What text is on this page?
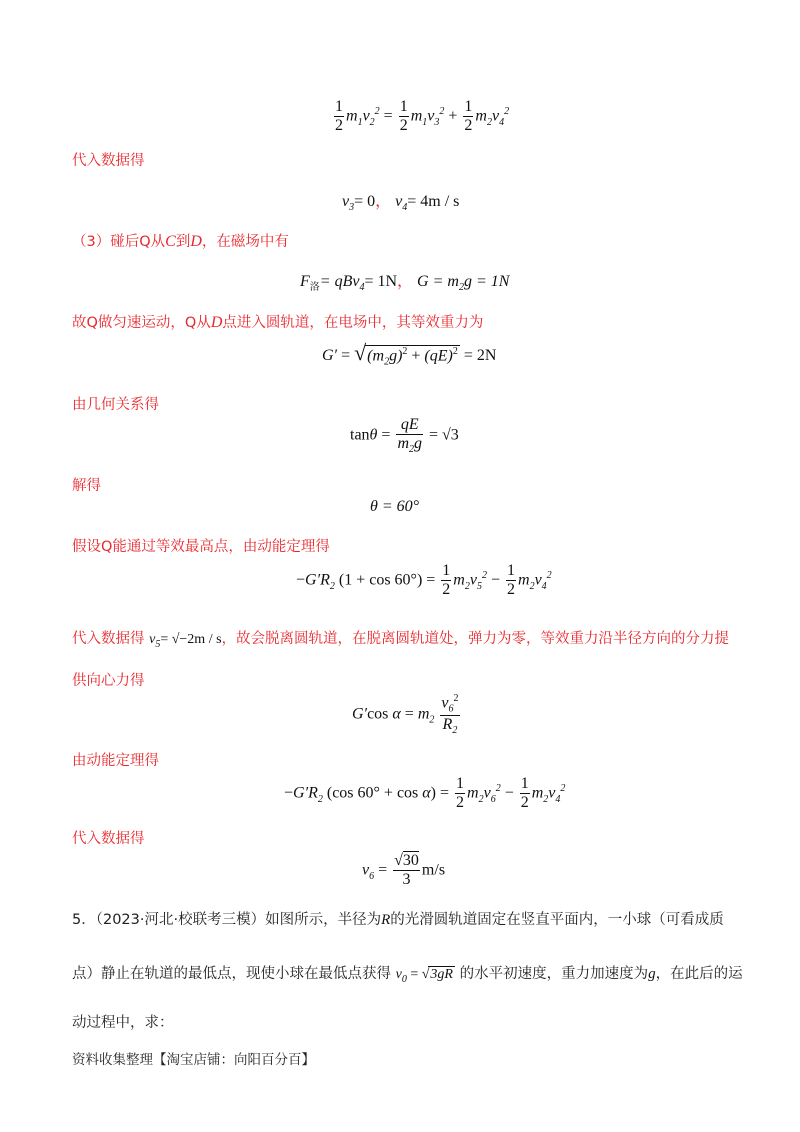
$\frac{1}{2} m_1v_2^2 = \frac{1}{2} m_1v_3^2 + \frac{1}{2} m_2v_4^2$
代入数据得
$v_3= 0$， $v_4= 4m / s$
（3）碰后Q从C到D，在磁场中有
$F_洛= qBv_4= 1N$， $G = m_2g = 1N$
故Q做匀速运动，Q从D点进入圆轨道，在电场中，其等效重力为
$G' = √(m_2g)^2 + (qE)^2 = 2N$
由几何关系得
$\tan\theta = \frac{qE}{m_2g} = √3$
解得
θ = 60°
假设Q能通过等效最高点，由动能定理得
$-G'R_2$ $(1 + \cos 60^\circ) = \frac{1}{2} m_2v_5^2 - \frac{1}{2} m_2v_4^2$
代入数据得 $v_5= √-2m / s$，故会脱离圆轨道，在脱离圆轨道处，弹力为零，等效重力沿半径方向的分力提
供向心力得
G′cos $\alpha = m_2 \frac{v_6^2}{R_2}$
由动能定理得
$-G'R_2$ (cos $60^\circ + \cos \alpha) = \frac{1}{2} m_2v_6^2 - \frac{1}{2} m_2v_4^2$
代入数据得
$v_6 = \frac{√30}{3} m/s$
5．（2023·河北·校联考三模）如图所示，半径为R的光滑圆轨道固定在竖直平面内，一小球（可看成质
点）静止在轨道的最低点，现使小球在最低点获得 $v_0 = √3gR$ 的水平初速度，重力加速度为g，在此后的运
动过程中，求：
资料收集整理【淘宝店铺：向阳百分百】
